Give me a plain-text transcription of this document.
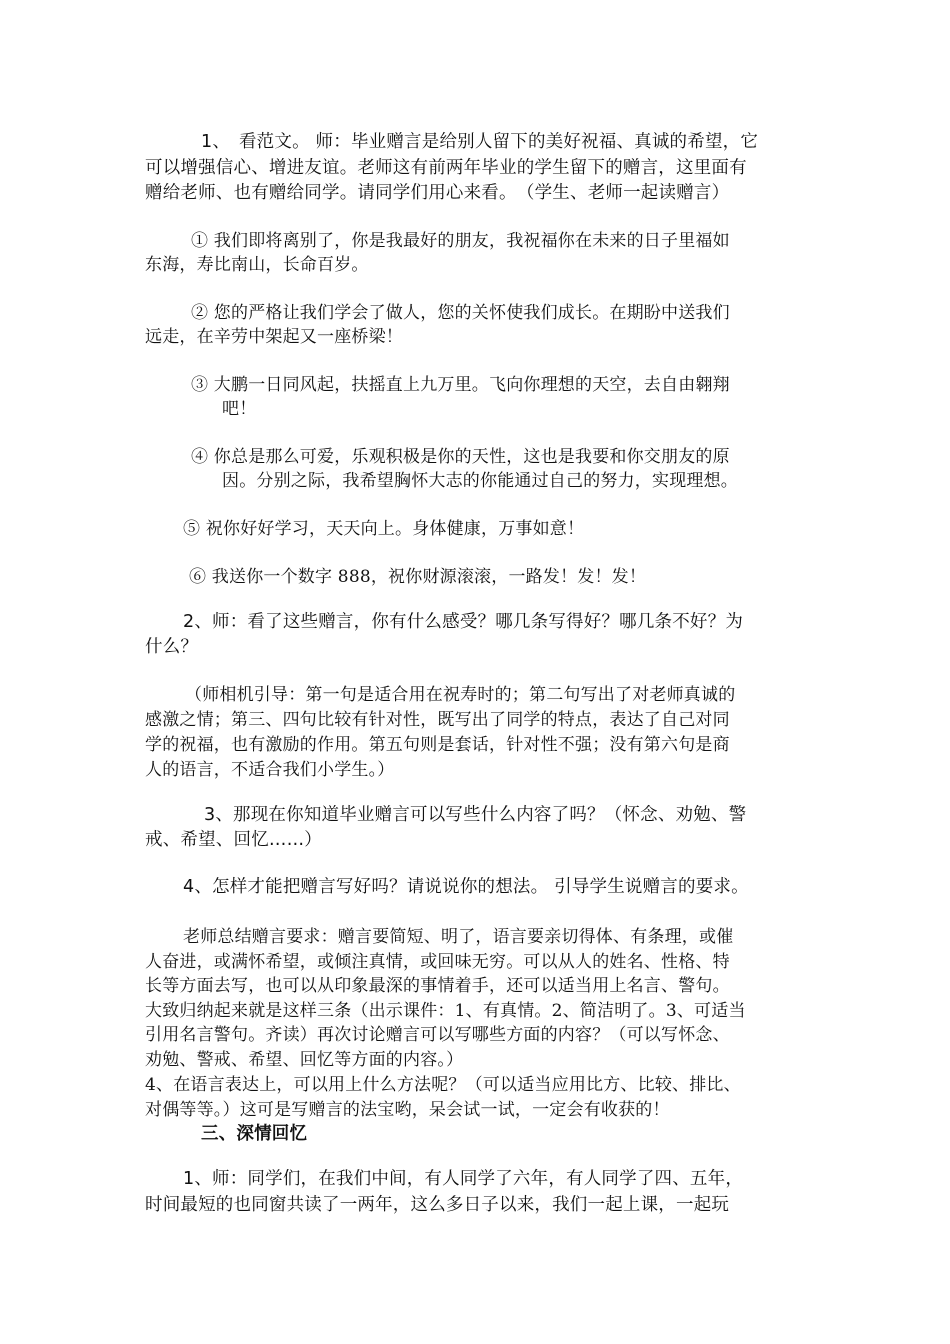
1、　看范文。 师：毕业赠言是给别人留下的美好祝福、真诚的希望，它
可以增强信心、增进友谊。老师这有前两年毕业的学生留下的赠言，这里面有
赠给老师、也有赠给同学。请同学们用心来看。　（学生、老师一起读赠言）
① 我们即将离别了，你是我最好的朋友，我祝福你在未来的日子里福如
东海，寿比南山，长命百岁。
② 您的严格让我们学会了做人，您的关怀使我们成长。在期盼中送我们
远走，在辛劳中架起又一座桥梁！
③ 大鹏一日同风起，扶摇直上九万里。飞向你理想的天空，去自由翱翔
吧！
④ 你总是那么可爱，乐观积极是你的天性，这也是我要和你交朋友的原
因。分别之际，我希望胸怀大志的你能通过自己的努力，实现理想。
⑤ 祝你好好学习，天天向上。身体健康，万事如意！
⑥ 我送你一个数字 888，祝你财源滚滚，一路发！发！发！
2、师：看了这些赠言，你有什么感受？哪几条写得好？哪几条不好？为
什么？
（师相机引导：第一句是适合用在祝寿时的；第二句写出了对老师真诚的
感激之情；第三、四句比较有针对性，既写出了同学的特点，表达了自己对同
学的祝福，也有激励的作用。第五句则是套话，针对性不强；没有第六句是商
人的语言，不适合我们小学生。）
3、那现在你知道毕业赠言可以写些什么内容了吗？（怀念、劝勉、警
戒、希望、回忆……）
4、怎样才能把赠言写好吗？请说说你的想法。 引导学生说赠言的要求。
老师总结赠言要求：赠言要简短、明了，语言要亲切得体、有条理，或催
人奋进，或满怀希望，或倾注真情，或回味无穷。可以从人的姓名、性格、特
长等方面去写，也可以从印象最深的事情着手，还可以适当用上名言、警句。
大致归纳起来就是这样三条（出示课件：1、有真情。2、简洁明了。3、可适当
引用名言警句。齐读）再次讨论赠言可以写哪些方面的内容？（可以写怀念、
劝勉、警戒、希望、回忆等方面的内容。）
4、在语言表达上，可以用上什么方法呢？（可以适当应用比方、比较、排比、
对偶等等。）这可是写赠言的法宝哟，呆会试一试，一定会有收获的！
三、深情回忆
1、师：同学们，在我们中间，有人同学了六年，有人同学了四、五年，
时间最短的也同窗共读了一两年，这么多日子以来，我们一起上课，一起玩
